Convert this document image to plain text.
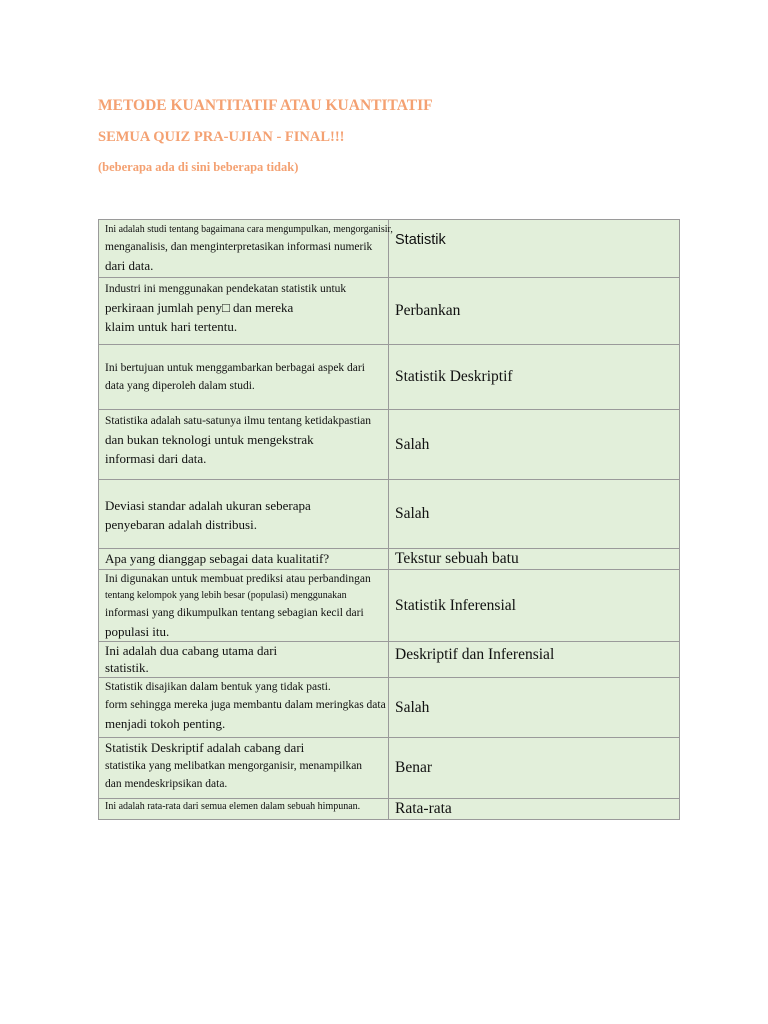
METODE KUANTITATIF ATAU KUANTITATIF
SEMUA QUIZ PRA-UJIAN - FINAL!!!

(beberapa ada di sini beberapa tidak)

Ini adalah studi tentang bagaimana cara mengumpulkan, mengorganisir,
menganalisis, dan menginterpretasikan informasi numerik
dari data.
Statistik
Industri ini menggunakan pendekatan statistik untuk
perkiraan jumlah peny□ dan mereka
klaim untuk hari tertentu.
Perbankan
Ini bertujuan untuk menggambarkan berbagai aspek dari
data yang diperoleh dalam studi.
Statistik Deskriptif
Statistika adalah satu-satunya ilmu tentang ketidakpastian
dan bukan teknologi untuk mengekstrak
informasi dari data.
Salah
Deviasi standar adalah ukuran seberapa
penyebaran adalah distribusi.
Salah
Apa yang dianggap sebagai data kualitatif?	Tekstur sebuah batu
Ini digunakan untuk membuat prediksi atau perbandingan
tentang kelompok yang lebih besar (populasi) menggunakan
informasi yang dikumpulkan tentang sebagian kecil dari
populasi itu.
Statistik Inferensial
Ini adalah dua cabang utama dari
statistik.
Deskriptif dan Inferensial
Statistik disajikan dalam bentuk yang tidak pasti.
form sehingga mereka juga membantu dalam meringkas data
menjadi tokoh penting.
Salah
Statistik Deskriptif adalah cabang dari
statistika yang melibatkan mengorganisir, menampilkan
dan mendeskripsikan data.
Benar
Ini adalah rata-rata dari semua elemen dalam sebuah himpunan.	Rata-rata
